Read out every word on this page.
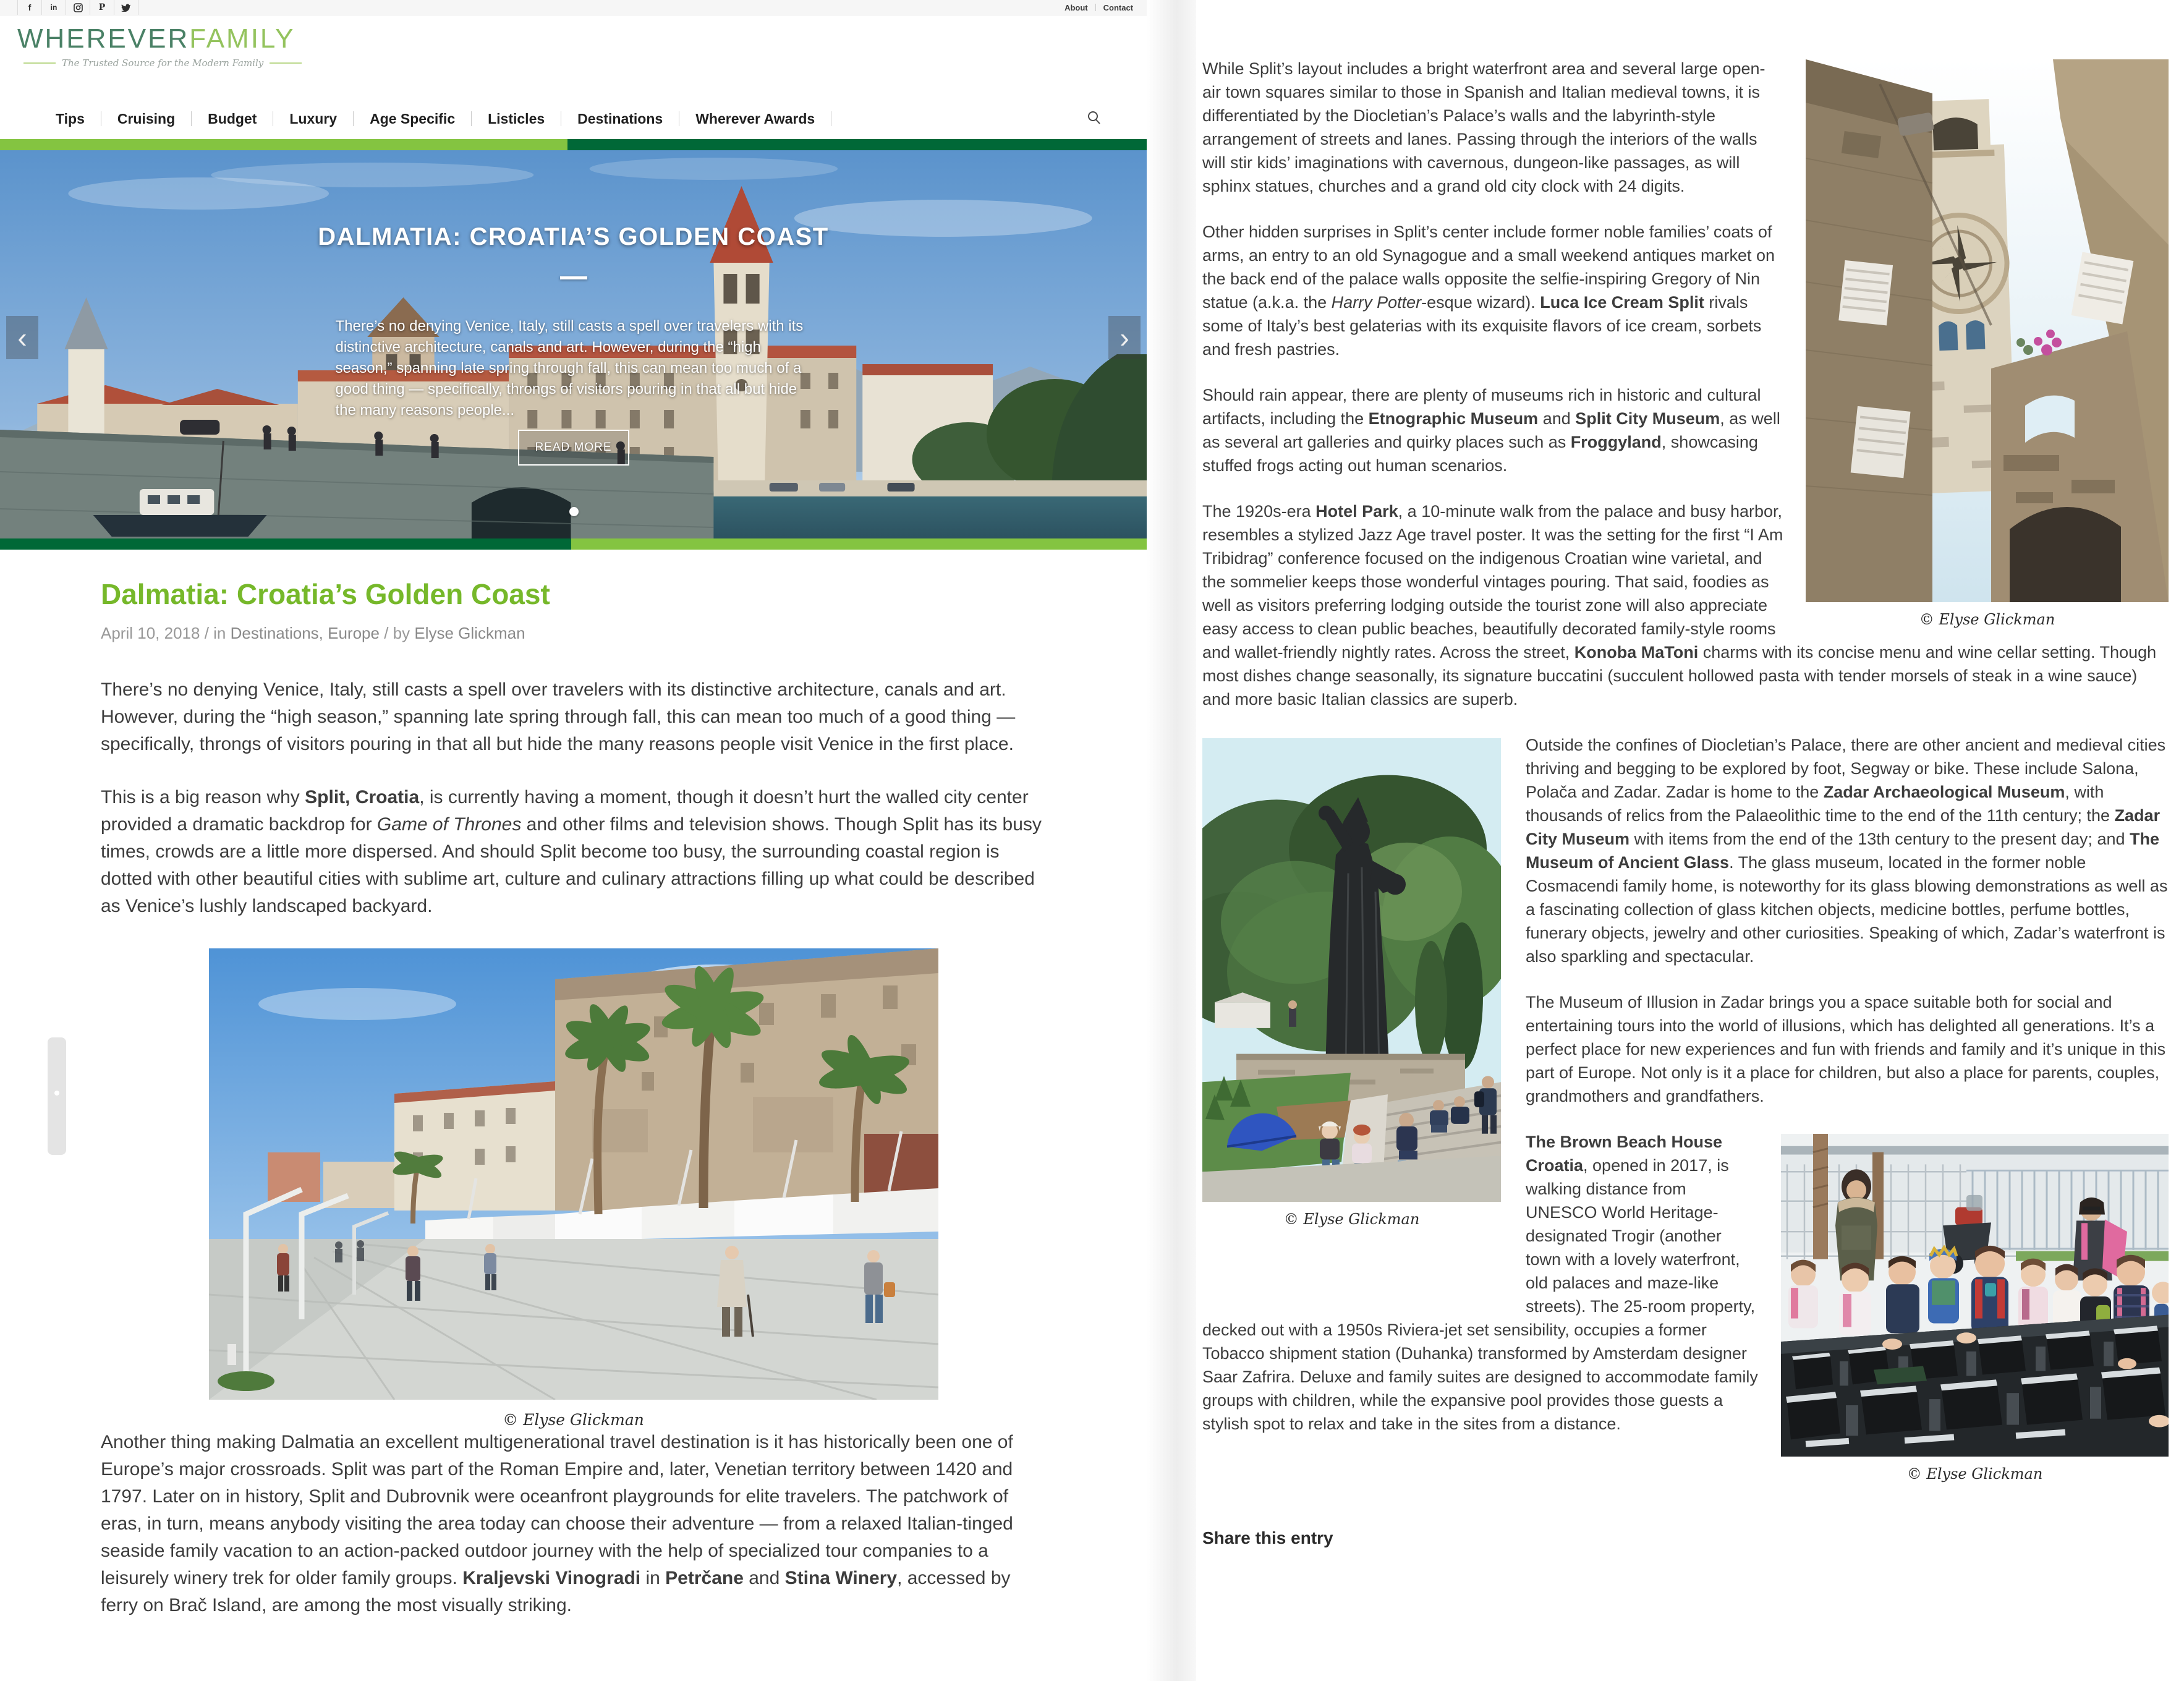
f	in	P	About Contact
WHEREVERFAMILY
The Trusted Source for the Modern Family
Tips	Cruising	Budget	Luxury	Age Specific	Listicles	Destinations	Wherever Awards
DALMATIA: CROATIA’S GOLDEN COAST
There’s no denying Venice, Italy, still casts a spell over travelers with its distinctive architecture, canals and art. However, during the “high season,” spanning late spring through fall, this can mean too much of a good thing — specifically, throngs of visitors pouring in that all but hide the many reasons people...
READ MORE
‹	›
Dalmatia: Croatia’s Golden Coast
April 10, 2018 / in Destinations, Europe / by Elyse Glickman

There’s no denying Venice, Italy, still casts a spell over travelers with its distinctive architecture, canals and art. However, during the “high season,” spanning late spring through fall, this can mean too much of a good thing — specifically, throngs of visitors pouring in that all but hide the many reasons people visit Venice in the first place.

This is a big reason why Split, Croatia, is currently having a moment, though it doesn’t hurt the walled city center provided a dramatic backdrop for Game of Thrones and other films and television shows. Though Split has its busy times, crowds are a little more dispersed. And should Split become too busy, the surrounding coastal region is dotted with other beautiful cities with sublime art, culture and culinary attractions filling up what could be described as Venice’s lushly landscaped backyard.

© Elyse Glickman

Another thing making Dalmatia an excellent multigenerational travel destination is it has historically been one of Europe’s major crossroads. Split was part of the Roman Empire and, later, Venetian territory between 1420 and 1797. Later on in history, Split and Dubrovnik were oceanfront playgrounds for elite travelers. The patchwork of eras, in turn, means anybody visiting the area today can choose their adventure — from a relaxed Italian-tinged seaside family vacation to an action-packed outdoor journey with the help of specialized tour companies to a leisurely winery trek for older family groups. Kraljevski Vinogradi in Petrčane and Stina Winery, accessed by ferry on Brač Island, are among the most visually striking.

© Elyse Glickman

While Split’s layout includes a bright waterfront area and several large open-air town squares similar to those in Spanish and Italian medieval towns, it is differentiated by the Diocletian’s Palace’s walls and the labyrinth-style arrangement of streets and lanes. Passing through the interiors of the walls will stir kids’ imaginations with cavernous, dungeon-like passages, as will sphinx statues, churches and a grand old city clock with 24 digits.

Other hidden surprises in Split’s center include former noble families’ coats of arms, an entry to an old Synagogue and a small weekend antiques market on the back end of the palace walls opposite the selfie-inspiring Gregory of Nin statue (a.k.a. the Harry Potter-esque wizard). Luca Ice Cream Split rivals some of Italy’s best gelaterias with its exquisite flavors of ice cream, sorbets and fresh pastries.

Should rain appear, there are plenty of museums rich in historic and cultural artifacts, including the Etnographic Museum and Split City Museum, as well as several art galleries and quirky places such as Froggyland, showcasing stuffed frogs acting out human scenarios.

The 1920s-era Hotel Park, a 10-minute walk from the palace and busy harbor, resembles a stylized Jazz Age travel poster. It was the setting for the first “I Am Tribidrag” conference focused on the indigenous Croatian wine varietal, and the sommelier keeps those wonderful vintages pouring. That said, foodies as well as visitors preferring lodging outside the tourist zone will also appreciate easy access to clean public beaches, beautifully decorated family-style rooms and wallet-friendly nightly rates. Across the street, Konoba MaToni charms with its concise menu and wine cellar setting. Though most dishes change seasonally, its signature buccatini (succulent hollowed pasta with tender morsels of steak in a wine sauce) and more basic Italian classics are superb.

© Elyse Glickman

Outside the confines of Diocletian’s Palace, there are other ancient and medieval cities thriving and begging to be explored by foot, Segway or bike. These include Salona, Polača and Zadar. Zadar is home to the Zadar Archaeological Museum, with thousands of relics from the Palaeolithic time to the end of the 11th century; the Zadar City Museum with items from the end of the 13th century to the present day; and The Museum of Ancient Glass. The glass museum, located in the former noble Cosmacendi family home, is noteworthy for its glass blowing demonstrations as well as a fascinating collection of glass kitchen objects, medicine bottles, perfume bottles, funerary objects, jewelry and other curiosities. Speaking of which, Zadar’s waterfront is also sparkling and spectacular.

The Museum of Illusion in Zadar brings you a space suitable both for social and entertaining tours into the world of illusions, which has delighted all generations. It’s a perfect place for new experiences and fun with friends and family and it’s unique in this part of Europe. Not only is it a place for children, but also a place for parents, couples, grandmothers and grandfathers.

© Elyse Glickman

The Brown Beach House Croatia, opened in 2017, is walking distance from UNESCO World Heritage-designated Trogir (another town with a lovely waterfront, old palaces and maze-like streets). The 25-room property, decked out with a 1950s Riviera-jet set sensibility, occupies a former Tobacco shipment station (Duhanka) transformed by Amsterdam designer Saar Zafrira. Deluxe and family suites are designed to accommodate family groups with children, while the expansive pool provides those guests a stylish spot to relax and take in the sites from a distance.

Share this entry
